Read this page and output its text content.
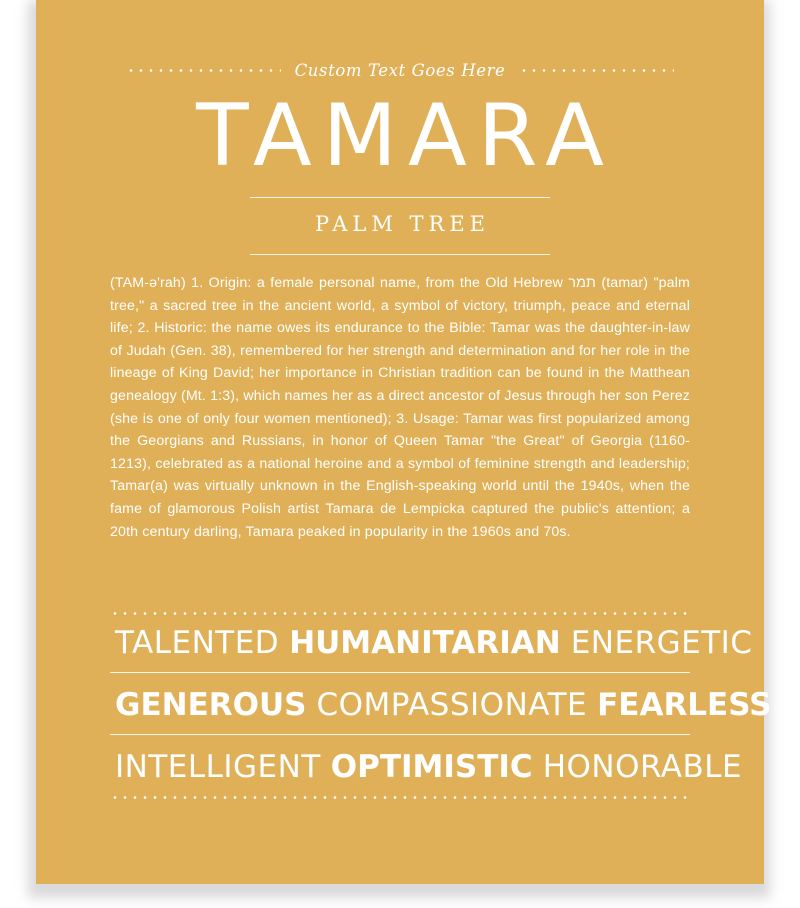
Custom Text Goes Here
TAMARA
PALM TREE
(TAM-ə'rah) 1. Origin: a female personal name, from the Old Hebrew תמר (tamar) "palm tree," a sacred tree in the ancient world, a symbol of victory, triumph, peace and eternal life; 2. Historic: the name owes its endurance to the Bible: Tamar was the daughter-in-law of Judah (Gen. 38), remembered for her strength and determination and for her role in the lineage of King David; her importance in Christian tradition can be found in the Matthean genealogy (Mt. 1:3), which names her as a direct ancestor of Jesus through her son Perez (she is one of only four women mentioned); 3. Usage: Tamar was first popularized among the Georgians and Russians, in honor of Queen Tamar "the Great" of Georgia (1160-1213), celebrated as a national heroine and a symbol of feminine strength and leadership; Tamar(a) was virtually unknown in the English-speaking world until the 1940s, when the fame of glamorous Polish artist Tamara de Lempicka captured the public's attention; a 20th century darling, Tamara peaked in popularity in the 1960s and 70s.
TALENTED HUMANITARIAN ENERGETIC
GENEROUS COMPASSIONATE FEARLESS
INTELLIGENT OPTIMISTIC HONORABLE
